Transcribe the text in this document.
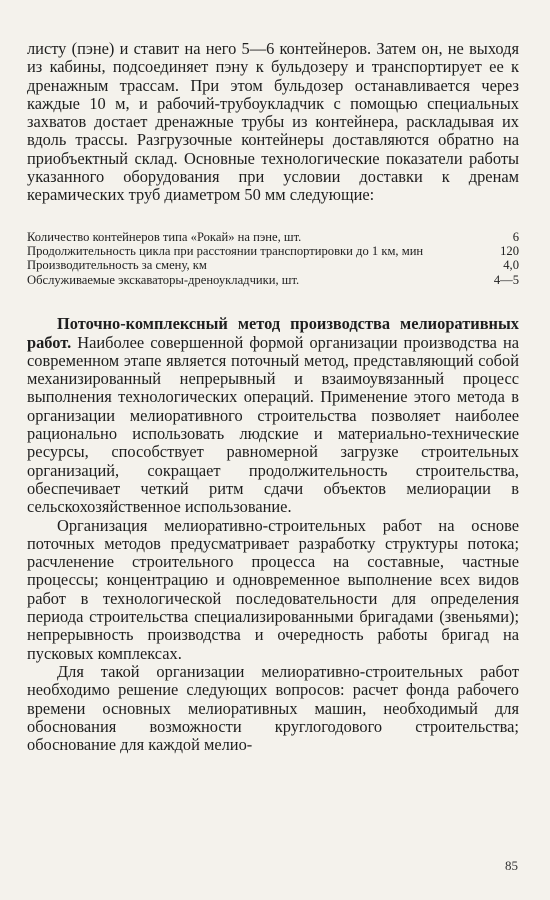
листу (пэне) и ставит на него 5—6 контейнеров. Затем он, не выходя из кабины, подсоединяет пэну к бульдозеру и транспортирует ее к дренажным трассам. При этом бульдозер останавливается через каждые 10 м, и рабочий-трубоукладчик с помощью специальных захватов достает дренажные трубы из контейнера, раскладывая их вдоль трассы. Разгрузочные контейнеры доставляются обратно на приобъектный склад. Основные технологические показатели работы указанного оборудования при условии доставки к дренам керамических труб диаметром 50 мм следующие:

Количество контейнеров типа «Рокай» на пэне, шт.	6
Продолжительность цикла при расстоянии транспортировки до 1 км, мин	120
Производительность за смену, км	4,0
Обслуживаемые экскаваторы-дреноукладчики, шт.	4—5

Поточно-комплексный метод производства мелиоративных работ. Наиболее совершенной формой организации производства на современном этапе является поточный метод, представляющий собой механизированный непрерывный и взаимоувязанный процесс выполнения технологических операций. Применение этого метода в организации мелиоративного строительства позволяет наиболее рационально использовать людские и материально-технические ресурсы, способствует равномерной загрузке строительных организаций, сокращает продолжительность строительства, обеспечивает четкий ритм сдачи объектов мелиорации в сельскохозяйственное использование.

Организация мелиоративно-строительных работ на основе поточных методов предусматривает разработку структуры потока; расчленение строительного процесса на составные, частные процессы; концентрацию и одновременное выполнение всех видов работ в технологической последовательности для определения периода строительства специализированными бригадами (звеньями); непрерывность производства и очередность работы бригад на пусковых комплексах.

Для такой организации мелиоративно-строительных работ необходимо решение следующих вопросов: расчет фонда рабочего времени основных мелиоративных машин, необходимый для обоснования возможности круглогодового строительства; обоснование для каждой мелио-

85
